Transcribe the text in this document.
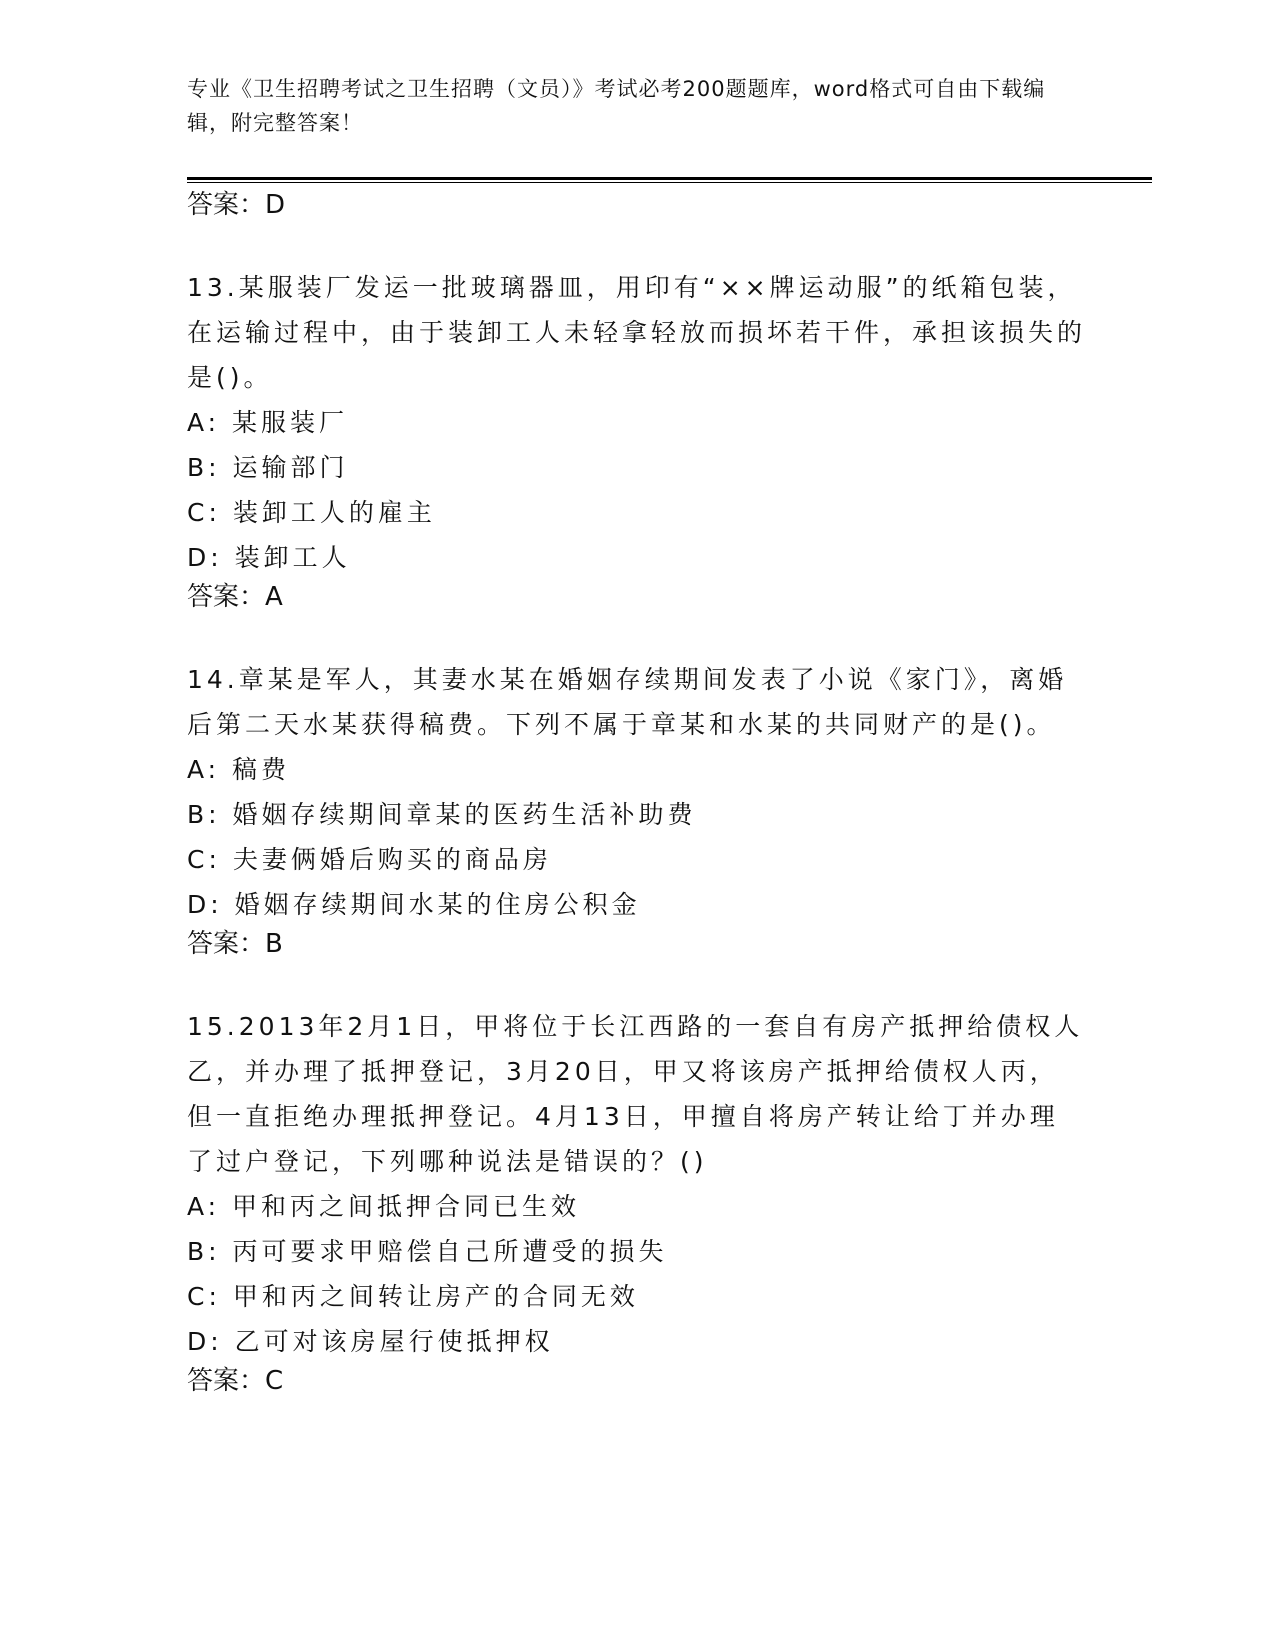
专业《卫生招聘考试之卫生招聘（文员）》考试必考200题题库，word格式可自由下载编辑，附完整答案！

答案：D

13.某服装厂发运一批玻璃器皿，用印有“××牌运动服”的纸箱包装，在运输过程中，由于装卸工人未轻拿轻放而损坏若干件，承担该损失的是()。

A: 某服装厂

B: 运输部门

C: 装卸工人的雇主

D: 装卸工人

答案：A

14.章某是军人，其妻水某在婚姻存续期间发表了小说《家门》，离婚后第二天水某获得稿费。下列不属于章某和水某的共同财产的是()。

A: 稿费

B: 婚姻存续期间章某的医药生活补助费

C: 夫妻俩婚后购买的商品房

D: 婚姻存续期间水某的住房公积金

答案：B

15.2013年2月1日，甲将位于长江西路的一套自有房产抵押给债权人乙，并办理了抵押登记，3月20日，甲又将该房产抵押给债权人丙，但一直拒绝办理抵押登记。4月13日，甲擅自将房产转让给丁并办理了过户登记，下列哪种说法是错误的？()

A: 甲和丙之间抵押合同已生效

B: 丙可要求甲赔偿自己所遭受的损失

C: 甲和丙之间转让房产的合同无效

D: 乙可对该房屋行使抵押权

答案：C
